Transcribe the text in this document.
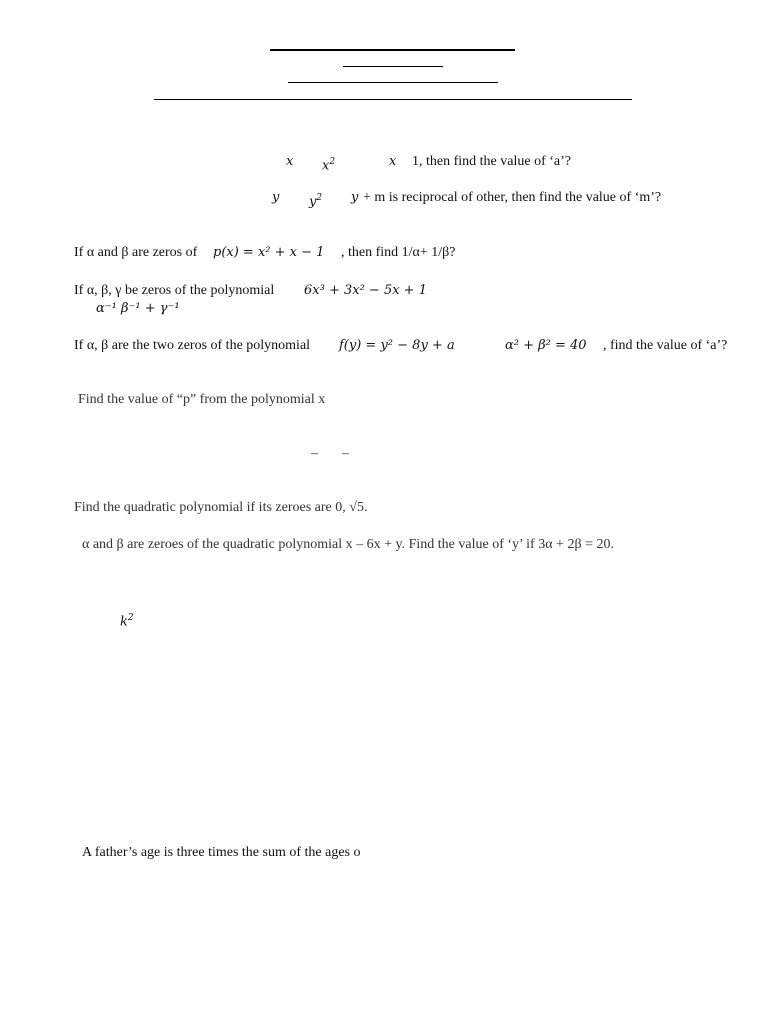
x $x^2$	x 1, then find the value of ‘a’?
y $y^2$ y + m is reciprocal of other, then find the value of ‘m’?
If α and β are zeros of p(x) = x² + x − 1 , then find 1/α+ 1/β?
If α, β, γ be zeros of the polynomial 6x³ + 3x² − 5x + 1
α⁻¹ β⁻¹ + γ⁻¹
If α, β are the two zeros of the polynomial f(y) = y² − 8y + a	α² + β² = 40 , find the value of ‘a’?
Find the value of “p” from the polynomial x
– –
Find the quadratic polynomial if its zeroes are 0, √5.
α and β are zeroes of the quadratic polynomial x – 6x + y. Find the value of ‘y’ if 3α + 2β = 20.
$k^2$
A father’s age is three times the sum of the ages o
